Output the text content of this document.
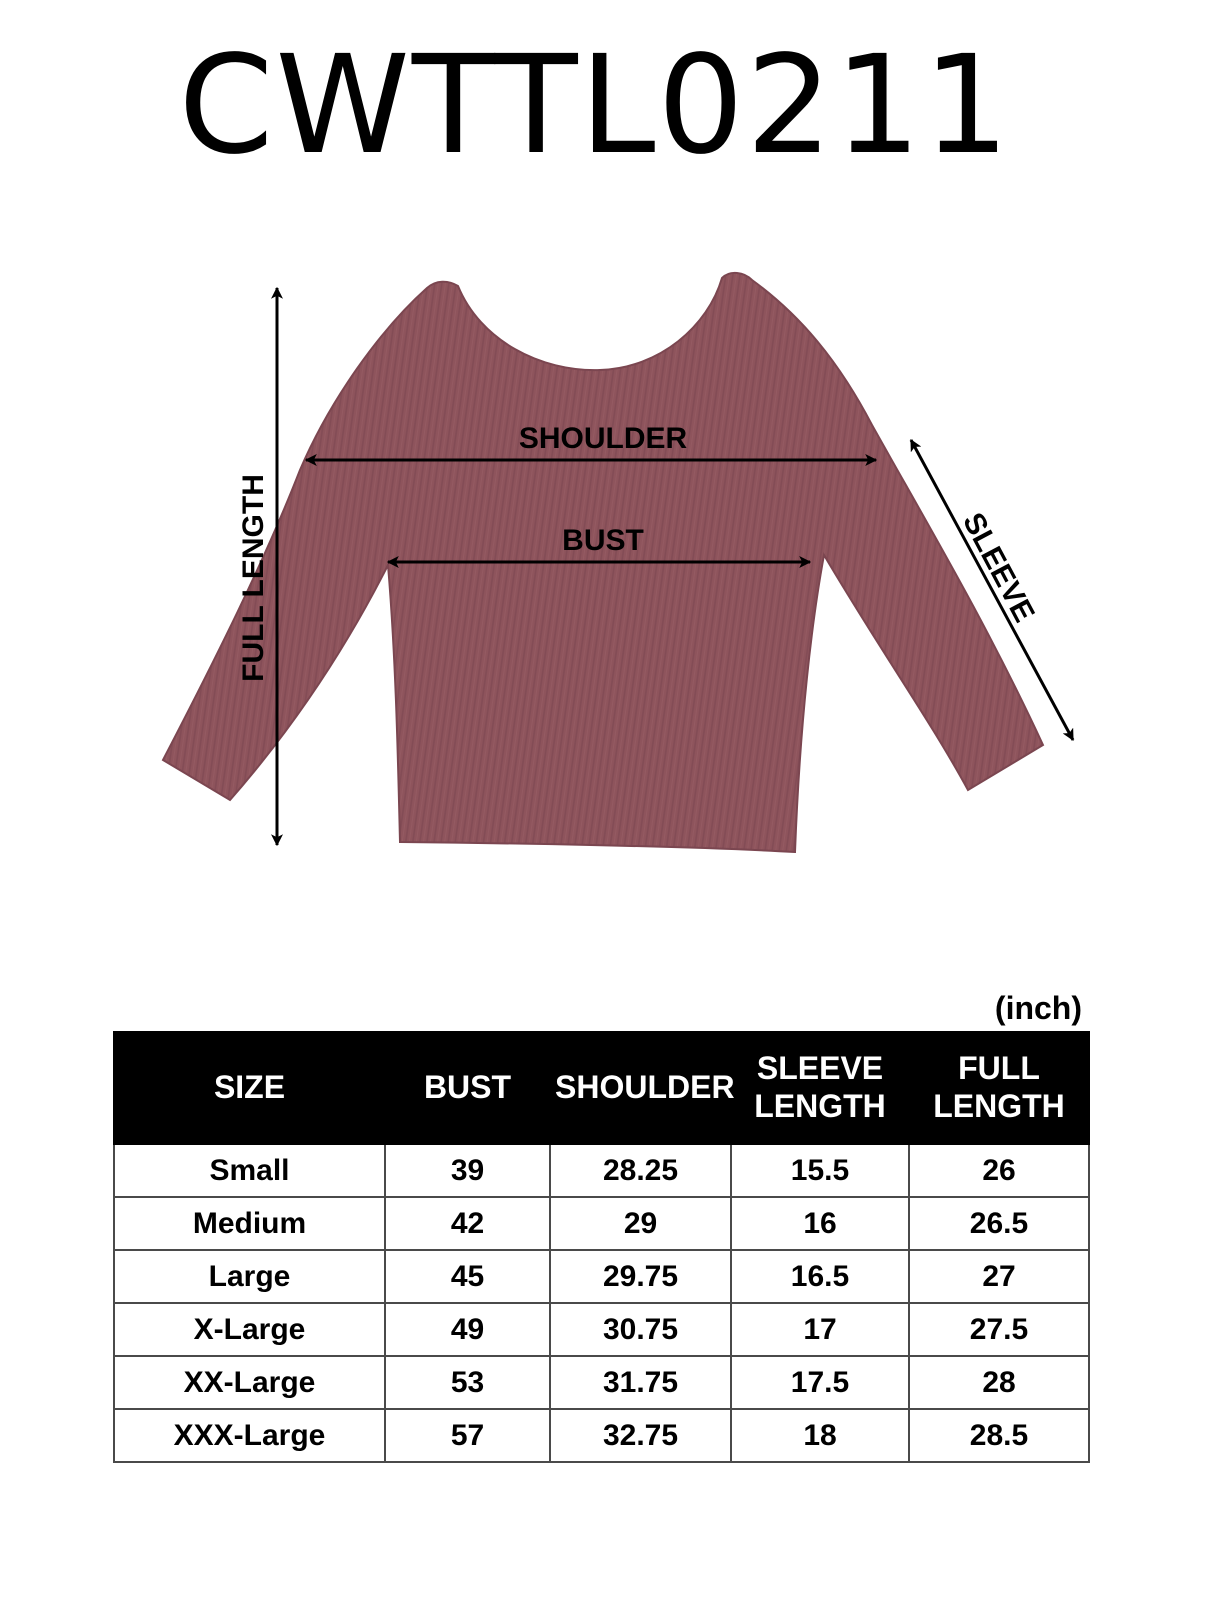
CWTTL0211
FULL LENGTH
SHOULDER
BUST	SLEEVE
(inch)
SIZE	BUST	SHOULDER	SLEEVE LENGTH	FULL LENGTH
Small	39	28.25	15.5	26
Medium	42	29	16	26.5
Large	45	29.75	16.5	27
X-Large	49	30.75	17	27.5
XX-Large	53	31.75	17.5	28
XXX-Large	57	32.75	18	28.5
